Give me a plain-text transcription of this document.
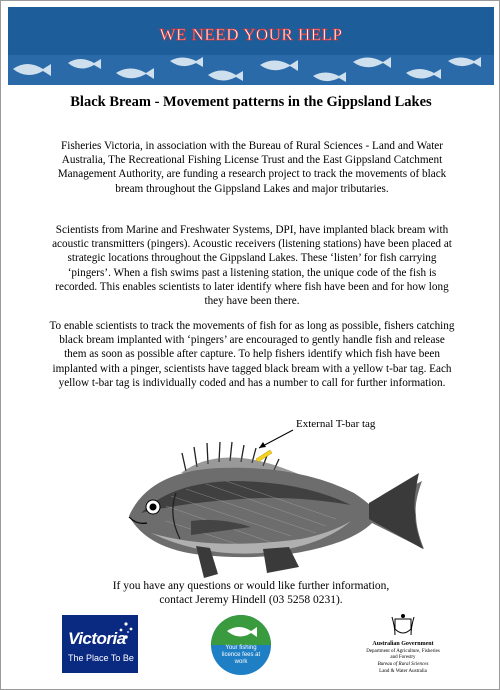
WE NEED YOUR HELP
Black Bream - Movement patterns in the Gippsland Lakes

Fisheries Victoria, in association with the Bureau of Rural Sciences - Land and Water Australia, The Recreational Fishing License Trust and the East Gippsland Catchment Management Authority, are funding a research project to track the movements of black bream throughout the Gippsland Lakes and major tributaries.

Scientists from Marine and Freshwater Systems, DPI, have implanted black bream with acoustic transmitters (pingers). Acoustic receivers (listening stations) have been placed at strategic locations throughout the Gippsland Lakes. These ‘listen’ for fish carrying ‘pingers’. When a fish swims past a listening station, the unique code of the fish is recorded. This enables scientists to later identify where fish have been and for how long they have been there.

To enable scientists to track the movements of fish for as long as possible, fishers catching black bream implanted with ‘pingers’ are encouraged to gently handle fish and release them as soon as possible after capture. To help fishers identify which fish have been implanted with a pinger, scientists have tagged black bream with a yellow t-bar tag. Each yellow t-bar tag is individually coded and has a number to call for further information.

External T-bar tag
If you have any questions or would like further information,
contact Jeremy Hindell (03 5258 0231).
Victoria
The Place To Be
Your fishing licence fees at work
Australian Government
Department of Agriculture, Fisheries and Forestry
Bureau of Rural Sciences
Land & Water Australia
